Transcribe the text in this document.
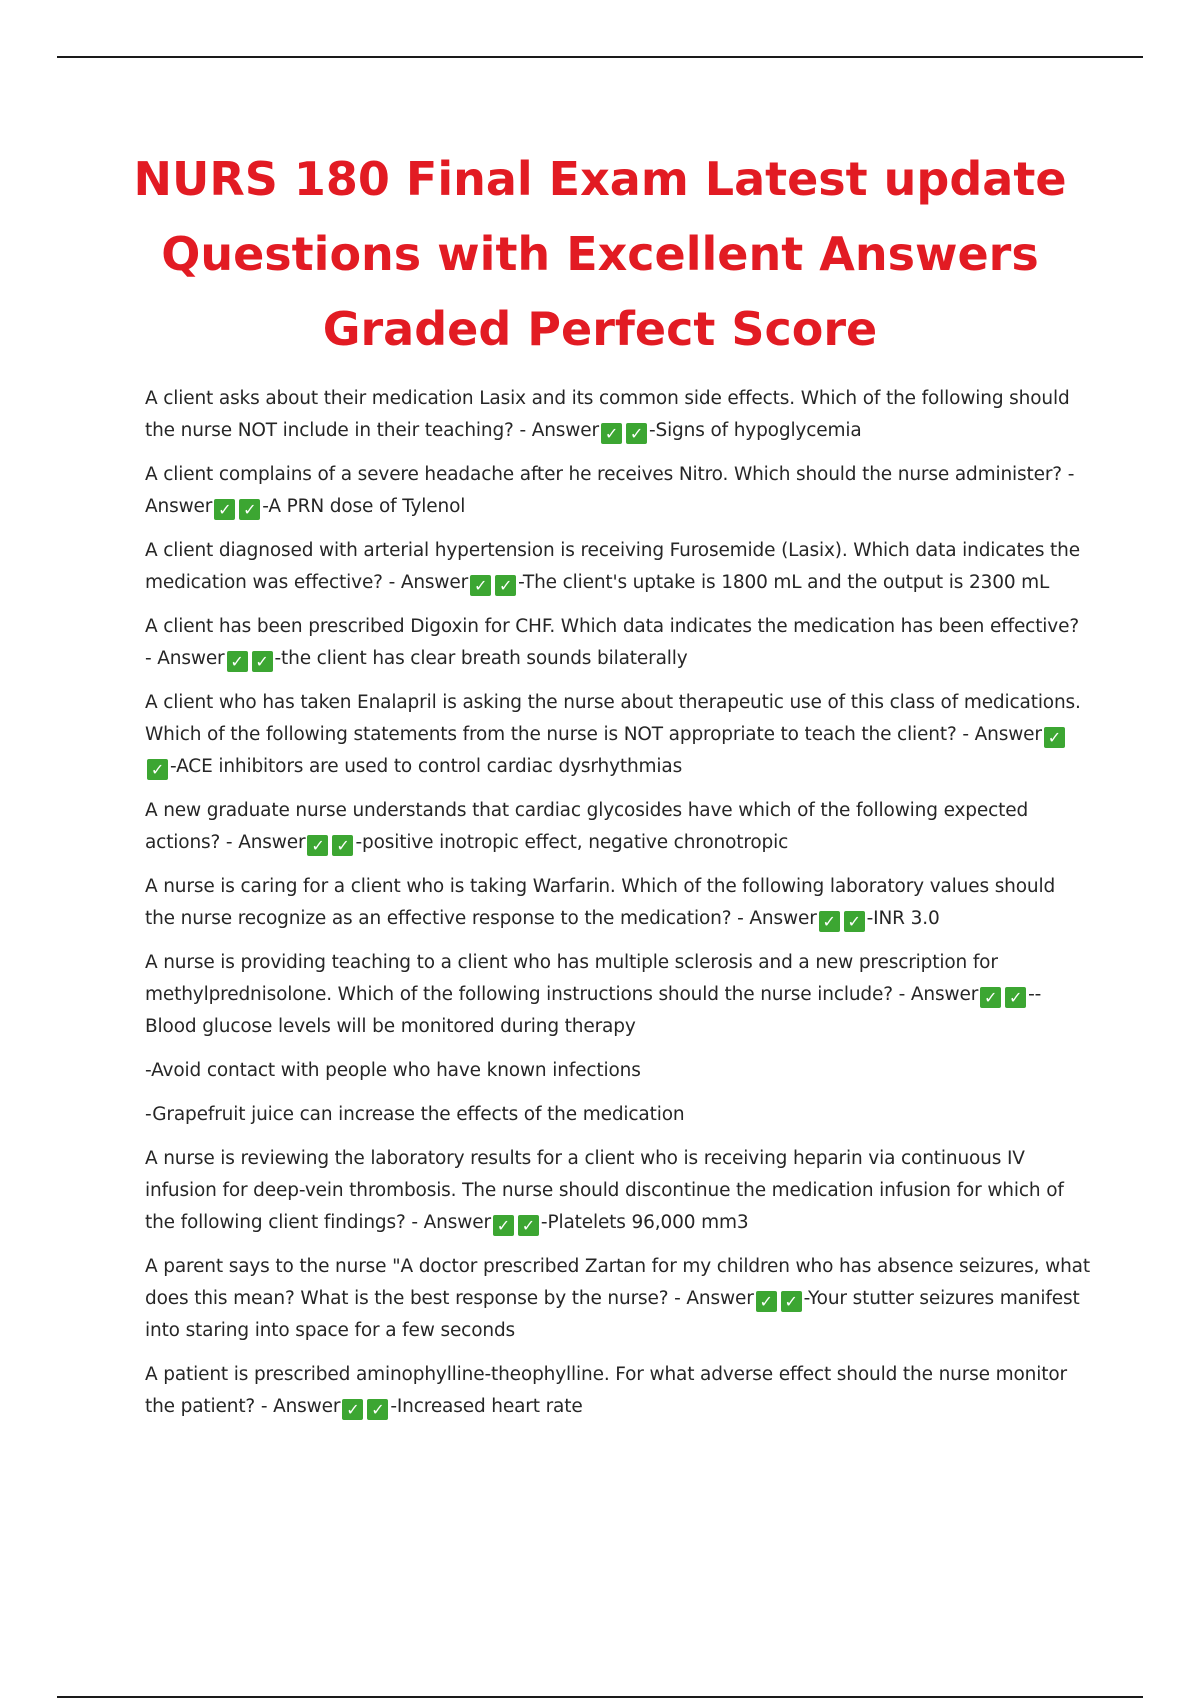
NURS 180 Final Exam Latest update
Questions with Excellent Answers
Graded Perfect Score

A client asks about their medication Lasix and its common side effects. Which of the following should the nurse NOT include in their teaching? - Answer ✓ ✓ -Signs of hypoglycemia

A client complains of a severe headache after he receives Nitro. Which should the nurse administer? - Answer ✓ ✓ -A PRN dose of Tylenol

A client diagnosed with arterial hypertension is receiving Furosemide (Lasix). Which data indicates the medication was effective? - Answer ✓ ✓ -The client's uptake is 1800 mL and the output is 2300 mL

A client has been prescribed Digoxin for CHF. Which data indicates the medication has been effective? - Answer ✓ ✓ -the client has clear breath sounds bilaterally

A client who has taken Enalapril is asking the nurse about therapeutic use of this class of medications. Which of the following statements from the nurse is NOT appropriate to teach the client? - Answer ✓✓ -ACE inhibitors are used to control cardiac dysrhythmias

A new graduate nurse understands that cardiac glycosides have which of the following expected actions? - Answer ✓ ✓ -positive inotropic effect, negative chronotropic

A nurse is caring for a client who is taking Warfarin. Which of the following laboratory values should the nurse recognize as an effective response to the medication? - Answer ✓ ✓ -INR 3.0

A nurse is providing teaching to a client who has multiple sclerosis and a new prescription for methylprednisolone. Which of the following instructions should the nurse include? - Answer ✓ ✓ --Blood glucose levels will be monitored during therapy

-Avoid contact with people who have known infections

-Grapefruit juice can increase the effects of the medication

A nurse is reviewing the laboratory results for a client who is receiving heparin via continuous IV infusion for deep-vein thrombosis. The nurse should discontinue the medication infusion for which of the following client findings? - Answer ✓ ✓ -Platelets 96,000 mm3

A parent says to the nurse "A doctor prescribed Zartan for my children who has absence seizures, what does this mean? What is the best response by the nurse? - Answer ✓ ✓ -Your stutter seizures manifest into staring into space for a few seconds

A patient is prescribed aminophylline-theophylline. For what adverse effect should the nurse monitor the patient? - Answer ✓ ✓ -Increased heart rate
